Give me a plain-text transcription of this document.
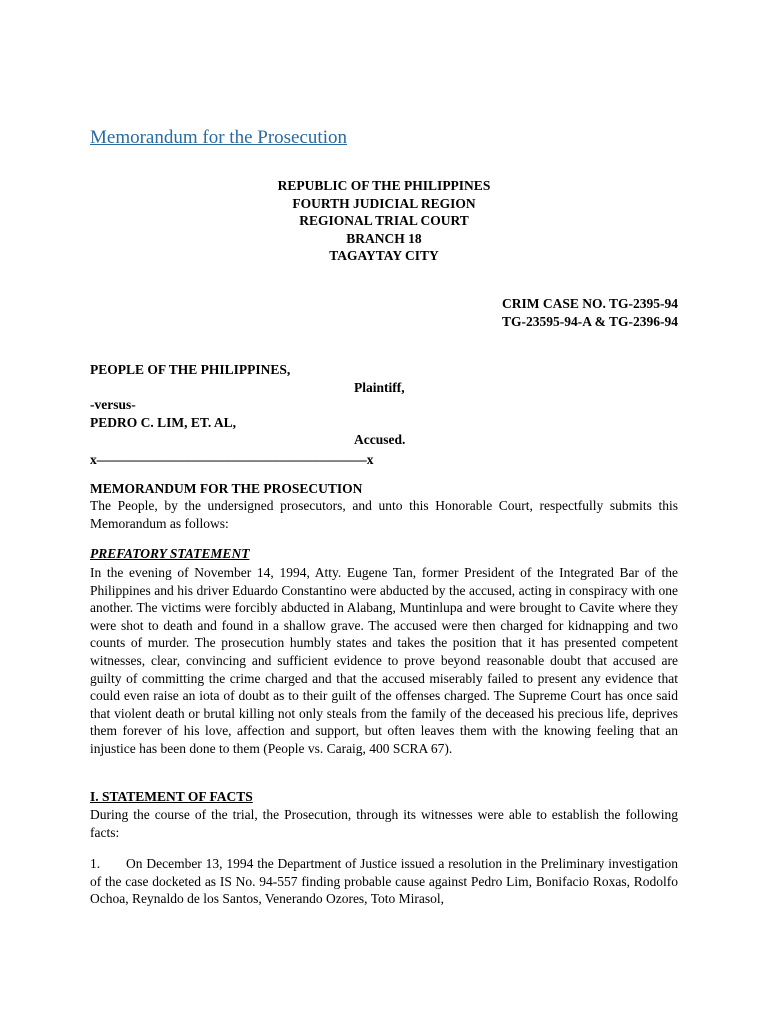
Memorandum for the Prosecution
REPUBLIC OF THE PHILIPPINES
FOURTH JUDICIAL REGION
REGIONAL TRIAL COURT
BRANCH 18
TAGAYTAY CITY
CRIM CASE NO. TG-2395-94
TG-23595-94-A & TG-2396-94
PEOPLE OF THE PHILIPPINES,
Plaintiff,
-versus-
PEDRO C. LIM, ET. AL,
Accused.
x————————————————————x
MEMORANDUM FOR THE PROSECUTION
The People, by the undersigned prosecutors, and unto this Honorable Court, respectfully submits this Memorandum as follows:
PREFATORY STATEMENT
In the evening of November 14, 1994, Atty. Eugene Tan, former President of the Integrated Bar of the Philippines and his driver Eduardo Constantino were abducted by the accused, acting in conspiracy with one another. The victims were forcibly abducted in Alabang, Muntinlupa and were brought to Cavite where they were shot to death and found in a shallow grave. The accused were then charged for kidnapping and two counts of murder. The prosecution humbly states and takes the position that it has presented competent witnesses, clear, convincing and sufficient evidence to prove beyond reasonable doubt that accused are guilty of committing the crime charged and that the accused miserably failed to present any evidence that could even raise an iota of doubt as to their guilt of the offenses charged. The Supreme Court has once said that violent death or brutal killing not only steals from the family of the deceased his precious life, deprives them forever of his love, affection and support, but often leaves them with the knowing feeling that an injustice has been done to them (People vs. Caraig, 400 SCRA 67).
I. STATEMENT OF FACTS
During the course of the trial, the Prosecution, through its witnesses were able to establish the following facts:
1. On December 13, 1994 the Department of Justice issued a resolution in the Preliminary investigation of the case docketed as IS No. 94-557 finding probable cause against Pedro Lim, Bonifacio Roxas, Rodolfo Ochoa, Reynaldo de los Santos, Venerando Ozores, Toto Mirasol,
